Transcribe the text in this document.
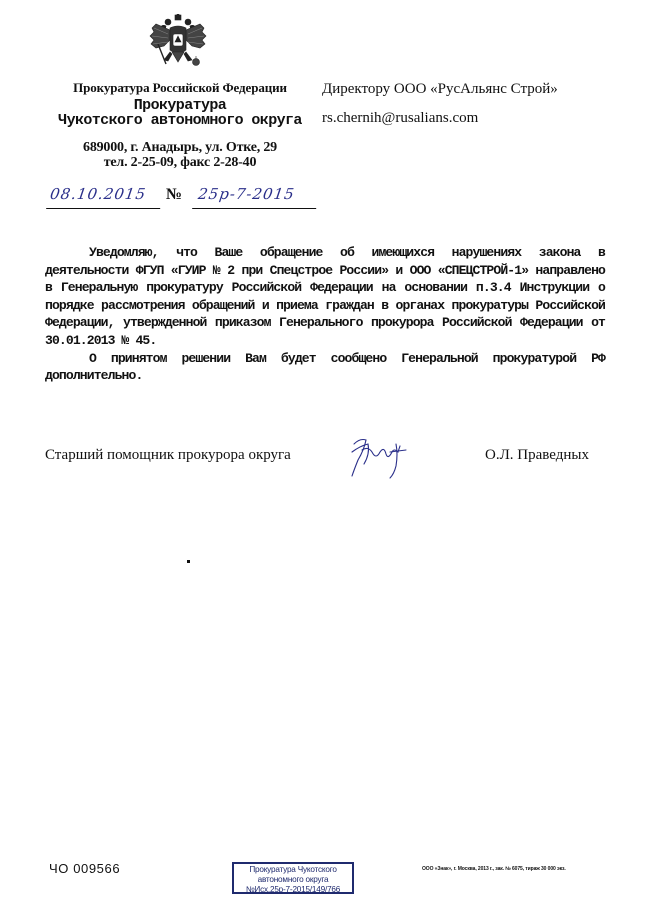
Прокуратура Российской Федерации
Прокуратура
Чукотского автономного округа
689000, г. Анадырь, ул. Отке, 29
тел. 2-25-09, факс 2-28-40
08.10.2015	№ 25р-7-2015
Директору ООО «РусАльянс Строй»
rs.chernih@rusalians.com

Уведомляю, что Ваше обращение об имеющихся нарушениях закона в деятельности ФГУП «ГУИР № 2 при Спецстрое России» и ООО «СПЕЦСТРОЙ-1» направлено в Генеральную прокуратуру Российской Федерации на основании п.3.4 Инструкции о порядке рассмотрения обращений и приема граждан в органах прокуратуры Российской Федерации, утвержденной приказом Генерального прокурора Российской Федерации от 30.01.2013 № 45.

О принятом решении Вам будет сообщено Генеральной прокуратурой РФ дополнительно.

Старший помощник прокурора округа	О.Л. Праведных
ЧО 009566	Прокуратура Чукотского
автономного округа
№Исх.25р-7-2015/149/766
ООО «Знак», г. Москва, 2013 г., зак. № 6075, тираж 30 000 экз.
